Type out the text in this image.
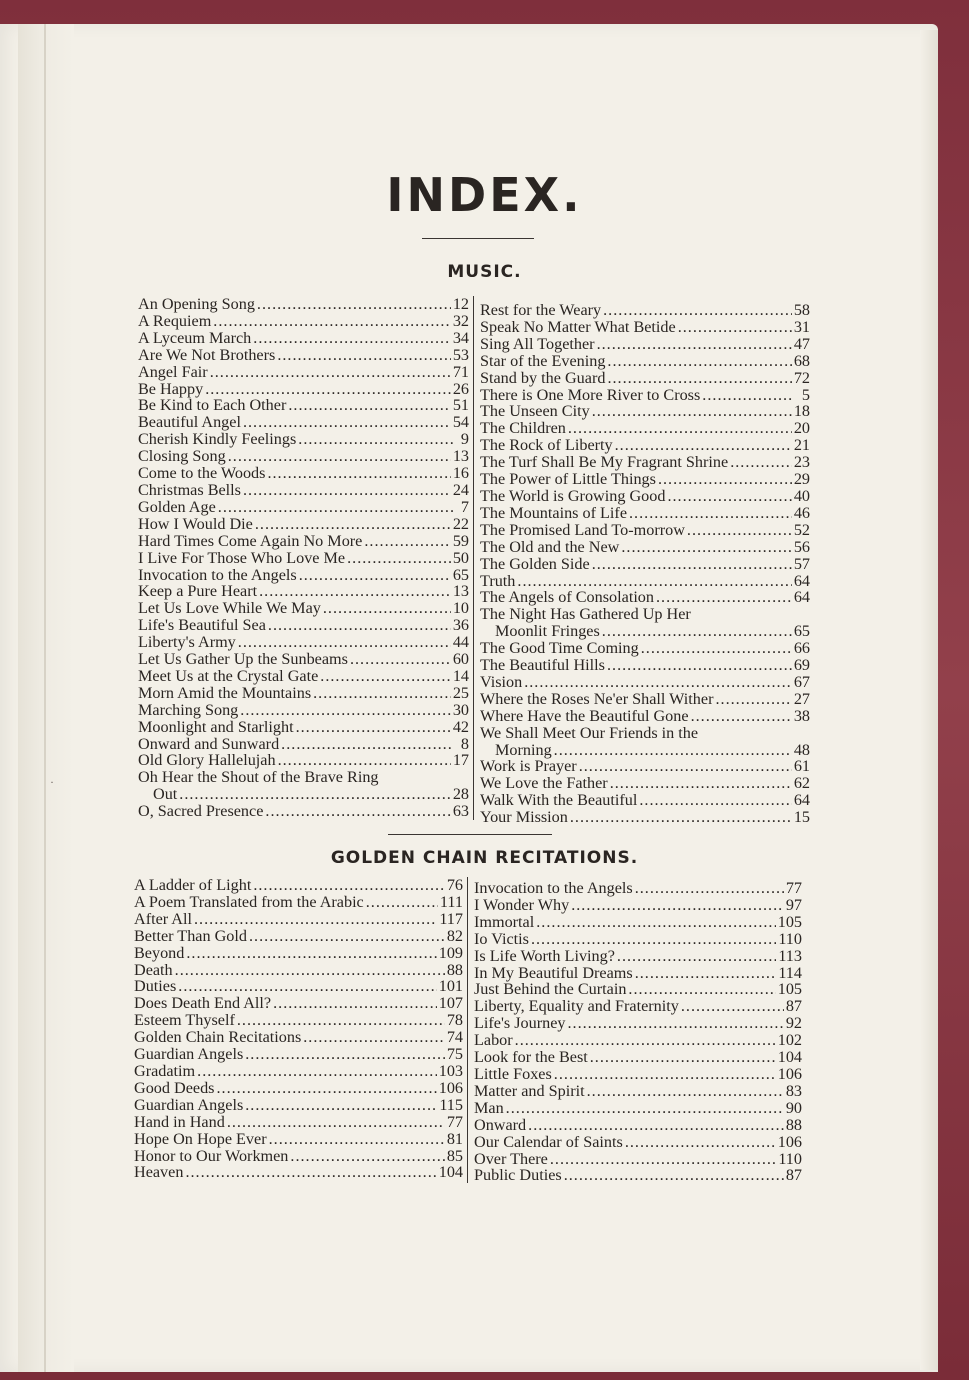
INDEX.
MUSIC.
An Opening Song .....	12
A Requiem .....	32
A Lyceum March .....	34
Are We Not Brothers .....	53
Angel Fair .....	71
Be Happy .....	26
Be Kind to Each Other .....	51
Beautiful Angel .....	54
Cherish Kindly Feelings .....	9
Closing Song .....	13
Come to the Woods .....	16
Christmas Bells .....	24
Golden Age .....	7
How I Would Die .....	22
Hard Times Come Again No More .....	59
I Live For Those Who Love Me .....	50
Invocation to the Angels .....	65
Keep a Pure Heart .....	13
Let Us Love While We May .....	10
Life's Beautiful Sea .....	36
Liberty's Army .....	44
Let Us Gather Up the Sunbeams .....	60
Meet Us at the Crystal Gate .....	14
Morn Amid the Mountains .....	25
Marching Song .....	30
Moonlight and Starlight .....	42
Onward and Sunward .....	8
Old Glory Hallelujah .....	17
Oh Hear the Shout of the Brave Ring
Out .....	28
O, Sacred Presence .....	63
Rest for the Weary .....	58
Speak No Matter What Betide .....	31
Sing All Together .....	47
Star of the Evening .....	68
Stand by the Guard .....	72
There is One More River to Cross .....	5
The Unseen City .....	18
The Children .....	20
The Rock of Liberty .....	21
The Turf Shall Be My Fragrant Shrine .....	23
The Power of Little Things .....	29
The World is Growing Good .....	40
The Mountains of Life .....	46
The Promised Land To-morrow .....	52
The Old and the New .....	56
The Golden Side .....	57
Truth .....	64
The Angels of Consolation .....	64
The Night Has Gathered Up Her
Moonlit Fringes .....	65
The Good Time Coming .....	66
The Beautiful Hills .....	69
Vision .....	67
Where the Roses Ne'er Shall Wither .....	27
Where Have the Beautiful Gone .....	38
We Shall Meet Our Friends in the
Morning .....	48
Work is Prayer .....	61
We Love the Father .....	62
Walk With the Beautiful .....	64
Your Mission .....	15
GOLDEN CHAIN RECITATIONS.
A Ladder of Light .....	76
A Poem Translated from the Arabic .....	111
After All .....	117
Better Than Gold .....	82
Beyond .....	109
Death .....	88
Duties .....	101
Does Death End All? .....	107
Esteem Thyself .....	78
Golden Chain Recitations .....	74
Guardian Angels .....	75
Gradatim .....	103
Good Deeds .....	106
Guardian Angels .....	115
Hand in Hand .....	77
Hope On Hope Ever .....	81
Honor to Our Workmen .....	85
Heaven .....	104
Invocation to the Angels .....	77
I Wonder Why .....	97
Immortal .....	105
Io Victis .....	110
Is Life Worth Living? .....	113
In My Beautiful Dreams .....	114
Just Behind the Curtain .....	105
Liberty, Equality and Fraternity .....	87
Life's Journey .....	92
Labor .....	102
Look for the Best .....	104
Little Foxes .....	106
Matter and Spirit .....	83
Man .....	90
Onward .....	88
Our Calendar of Saints .....	106
Over There .....	110
Public Duties .....	87
·
